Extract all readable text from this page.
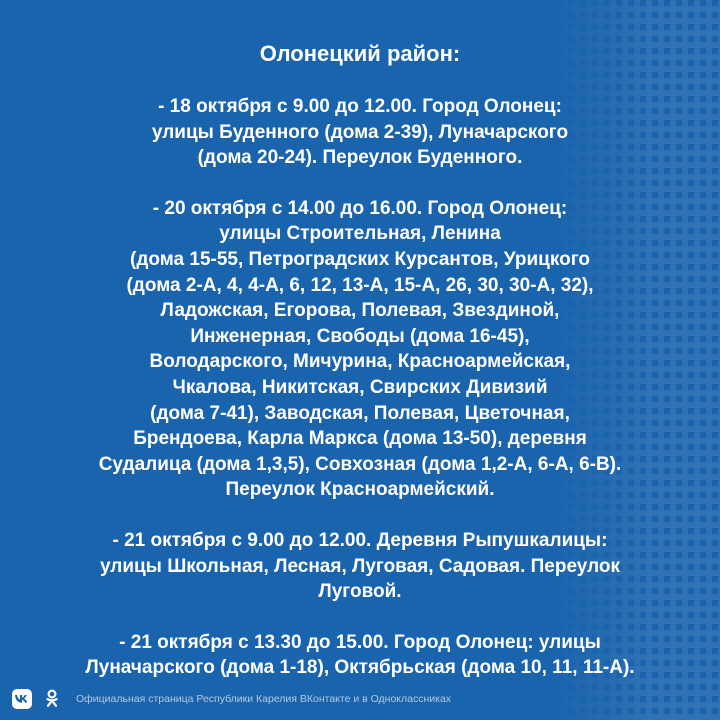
Олонецкий район:
- 18 октября с 9.00 до 12.00. Город Олонец:
улицы Буденного (дома 2-39), Луначарского
(дома 20-24). Переулок Буденного.
- 20 октября с 14.00 до 16.00. Город Олонец:
улицы Строительная, Ленина
(дома 15-55, Петроградских Курсантов, Урицкого
(дома 2-А, 4, 4-А, 6, 12, 13-А, 15-А, 26, 30, 30-А, 32),
Ладожская, Егорова, Полевая, Звездиной,
Инженерная, Свободы (дома 16-45),
Володарского, Мичурина, Красноармейская,
Чкалова, Никитская, Свирских Дивизий
(дома 7-41), Заводская, Полевая, Цветочная,
Брендоева, Карла Маркса (дома 13-50), деревня
Судалица (дома 1,3,5), Совхозная (дома 1,2-А, 6-А, 6-В).
Переулок Красноармейский.
- 21 октября с 9.00 до 12.00. Деревня Рыпушкалицы:
улицы Школьная, Лесная, Луговая, Садовая. Переулок
Луговой.
- 21 октября с 13.30 до 15.00. Город Олонец: улицы
Луначарского (дома 1-18), Октябрьская (дома 10, 11, 11-А).
Официальная страница Республики Карелия ВКонтакте и в Одноклассниках
